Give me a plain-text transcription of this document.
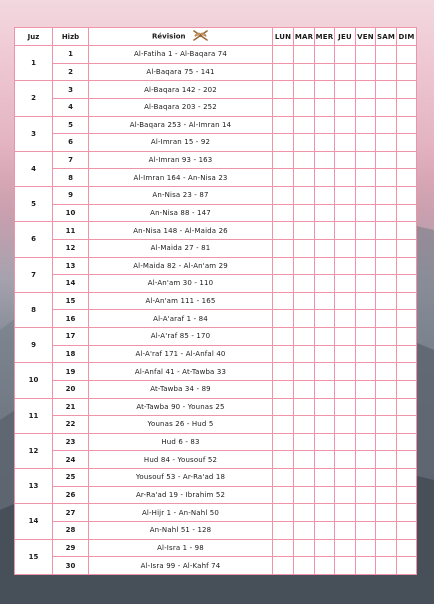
Juz	Hizb	Révision	LUN	MAR	MER	JEU	VEN	SAM	DIM
1	1	Al-Fatiha 1 - Al-Baqara 74							
	2	Al-Baqara 75 - 141							
2	3	Al-Baqara 142 - 202							
	4	Al-Baqara 203 - 252							
3	5	Al-Baqara 253 - Al-Imran 14							
	6	Al-Imran 15 - 92							
4	7	Al-Imran 93 - 163							
	8	Al-Imran 164 - An-Nisa 23							
5	9	An-Nisa 23 - 87							
	10	An-Nisa 88 - 147							
6	11	An-Nisa 148 - Al-Maida 26							
	12	Al-Maida 27 - 81							
7	13	Al-Maida 82 - Al-An'am 29							
	14	Al-An'am 30 - 110							
8	15	Al-An'am 111 - 165							
	16	Al-A'araf 1 - 84							
9	17	Al-A'raf 85 - 170							
	18	Al-A'raf 171 - Al-Anfal 40							
10	19	Al-Anfal 41 - At-Tawba 33							
	20	At-Tawba 34 - 89							
11	21	At-Tawba 90 - Younas 25							
	22	Younas 26 - Hud 5							
12	23	Hud 6 - 83							
	24	Hud 84 - Yousouf 52							
13	25	Yousouf 53 - Ar-Ra'ad 18							
	26	Ar-Ra'ad 19 - Ibrahim 52							
14	27	Al-Hijr 1 - An-Nahl 50							
	28	An-Nahl 51 - 128							
15	29	Al-Isra 1 - 98							
	30	Al-Isra 99 - Al-Kahf 74							
